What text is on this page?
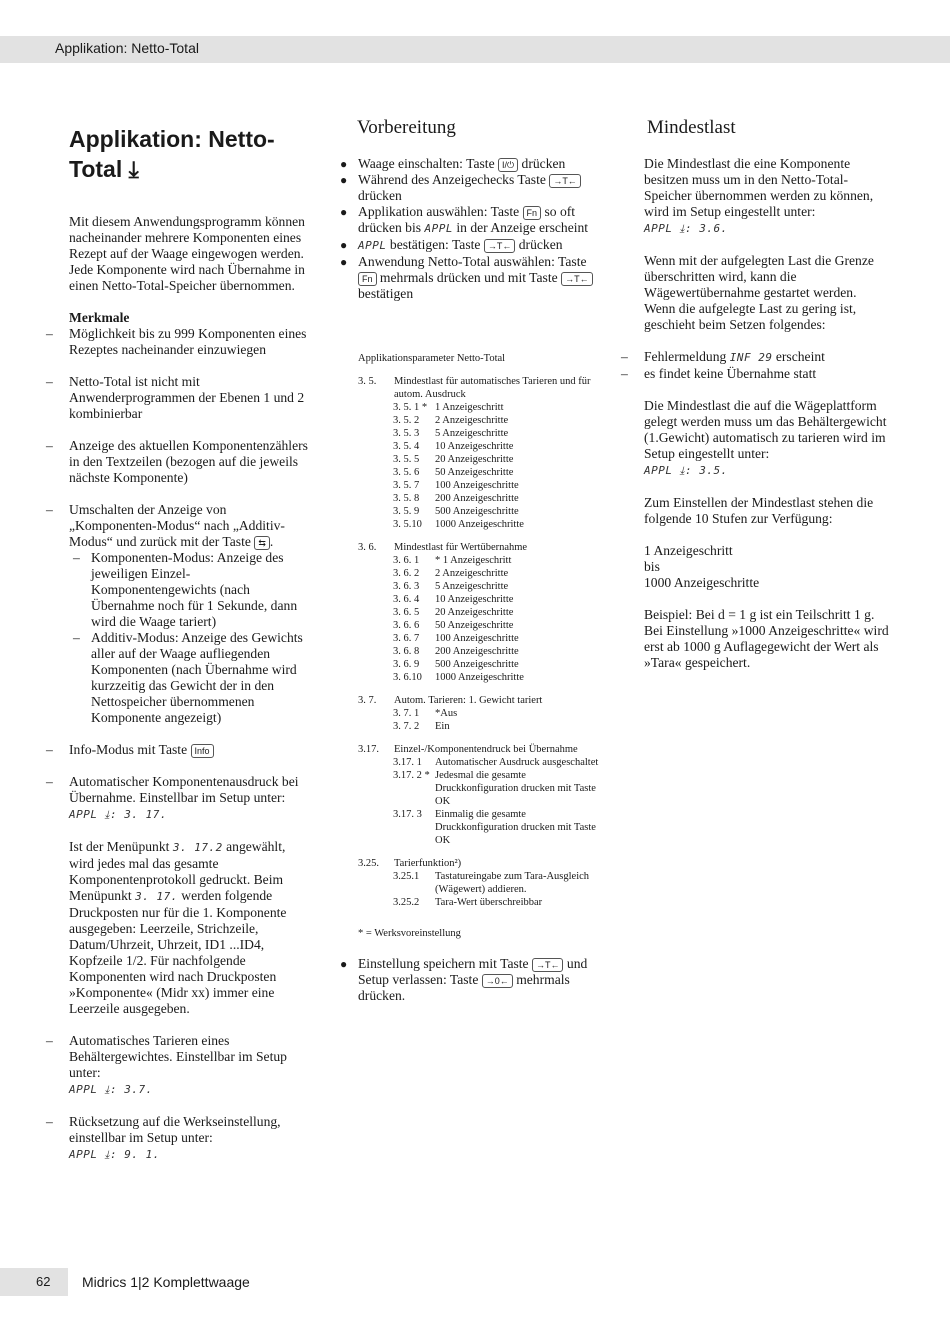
Applikation: Netto-Total
Applikation: Netto-Total ⤓

Mit diesem Anwendungsprogramm können nacheinander mehrere Komponenten eines Rezept auf der Waage eingewogen werden. Jede Komponente wird nach Übernahme in einen Netto-Total-Speicher übernommen.

Merkmale

– Möglichkeit bis zu 999 Komponenten eines Rezeptes nacheinander einzuwiegen

– Netto-Total ist nicht mit Anwenderprogrammen der Ebenen 1 und 2 kombinierbar

– Anzeige des aktuellen Komponentenzählers in den Textzeilen (bezogen auf die jeweils nächste Komponente)

– Umschalten der Anzeige von „Komponenten-Modus“ nach „Additiv-Modus“ und zurück mit der Taste ⇆ .

– Komponenten-Modus: Anzeige des jeweiligen Einzel-Komponentengewichts (nach Übernahme noch für 1 Sekunde, dann wird die Waage tariert)

– Additiv-Modus: Anzeige des Gewichts aller auf der Waage aufliegenden Komponenten (nach Übernahme wird kurzzeitig das Gewicht der in den Nettospeicher übernommenen Komponente angezeigt)

– Info-Modus mit Taste Info

– Automatischer Komponentenausdruck bei Übernahme. Einstellbar im Setup unter:
APPL ⤓: 3. 17.

Ist der Menüpunkt 3. 17.2 angewählt, wird jedes mal das gesamte Komponentenprotokoll gedruckt. Beim Menüpunkt 3. 17. werden folgende Druckposten nur für die 1. Komponente ausgegeben: Leerzeile, Strichzeile, Datum/Uhrzeit, Uhrzeit, ID1 ...ID4, Kopfzeile 1/2. Für nachfolgende Komponenten wird nach Druckposten »Komponente« (Midr xx) immer eine Leerzeile ausgegeben.

– Automatisches Tarieren eines Behältergewichtes. Einstellbar im Setup unter:
APPL ⤓: 3.7.

– Rücksetzung auf die Werkseinstellung, einstellbar im Setup unter:
APPL ⤓: 9. 1.

Vorbereitung

● Waage einschalten: Taste I/⏻ drücken

● Während des Anzeigechecks Taste →T← drücken

● Applikation auswählen: Taste Fn so oft drücken bis APPL in der Anzeige erscheint

● APPL bestätigen: Taste →T← drücken

● Anwendung Netto-Total auswählen: Taste Fn mehrmals drücken und mit Taste →T← bestätigen

Applikationsparameter Netto-Total

3. 5.	Mindestlast für automatisches Tarieren und für autom. Ausdruck
3. 5. 1 * 1 Anzeigeschritt
3. 5. 2	2 Anzeigeschritte
3. 5. 3	5 Anzeigeschritte
3. 5. 4	10 Anzeigeschritte
3. 5. 5	20 Anzeigeschritte
3. 5. 6	50 Anzeigeschritte
3. 5. 7	100 Anzeigeschritte
3. 5. 8	200 Anzeigeschritte
3. 5. 9	500 Anzeigeschritte
3. 5.10	1000 Anzeigeschritte
3. 6.	Mindestlast für Wertübernahme
3. 6. 1	* 1 Anzeigeschritt
3. 6. 2	2 Anzeigeschritte
3. 6. 3	5 Anzeigeschritte
3. 6. 4	10 Anzeigeschritte
3. 6. 5	20 Anzeigeschritte
3. 6. 6	50 Anzeigeschritte
3. 6. 7	100 Anzeigeschritte
3. 6. 8	200 Anzeigeschritte
3. 6. 9	500 Anzeigeschritte
3. 6.10	1000 Anzeigeschritte
3. 7.	Autom. Tarieren: 1. Gewicht tariert
3. 7. 1	*Aus
3. 7. 2	Ein
3.17.	Einzel-/Komponentendruck bei Übernahme
3.17. 1	Automatischer Ausdruck ausgeschaltet
3.17. 2 * Jedesmal die gesamte Druckkonfiguration drucken mit Taste OK
3.17. 3	Einmalig die gesamte Druckkonfiguration drucken mit Taste OK
3.25.	Tarierfunktion²)
3.25.1	Tastatureingabe zum Tara-Ausgleich (Wägewert) addieren.
3.25.2	Tara-Wert überschreibbar

* = Werksvoreinstellung

● Einstellung speichern mit Taste →T← und Setup verlassen: Taste →0← mehrmals drücken.

Mindestlast

Die Mindestlast die eine Komponente besitzen muss um in den Netto-Total-Speicher übernommen werden zu können, wird im Setup eingestellt unter:
APPL ⤓: 3.6.

Wenn mit der aufgelegten Last die Grenze überschritten wird, kann die Wägewertübernahme gestartet werden. Wenn die aufgelegte Last zu gering ist, geschieht beim Setzen folgendes:

– Fehlermeldung INF 29 erscheint

– es findet keine Übernahme statt

Die Mindestlast die auf die Wägeplattform gelegt werden muss um das Behältergewicht (1.Gewicht) automatisch zu tarieren wird im Setup eingestellt unter:
APPL ⤓: 3.5.

Zum Einstellen der Mindestlast stehen die folgende 10 Stufen zur Verfügung:

1 Anzeigeschritt
bis
1000 Anzeigeschritte

Beispiel: Bei d = 1 g ist ein Teilschritt 1 g. Bei Einstellung »1000 Anzeigeschritte« wird erst ab 1000 g Auflagegewicht der Wert als »Tara« gespeichert.

62 Midrics 1|2 Komplettwaage
